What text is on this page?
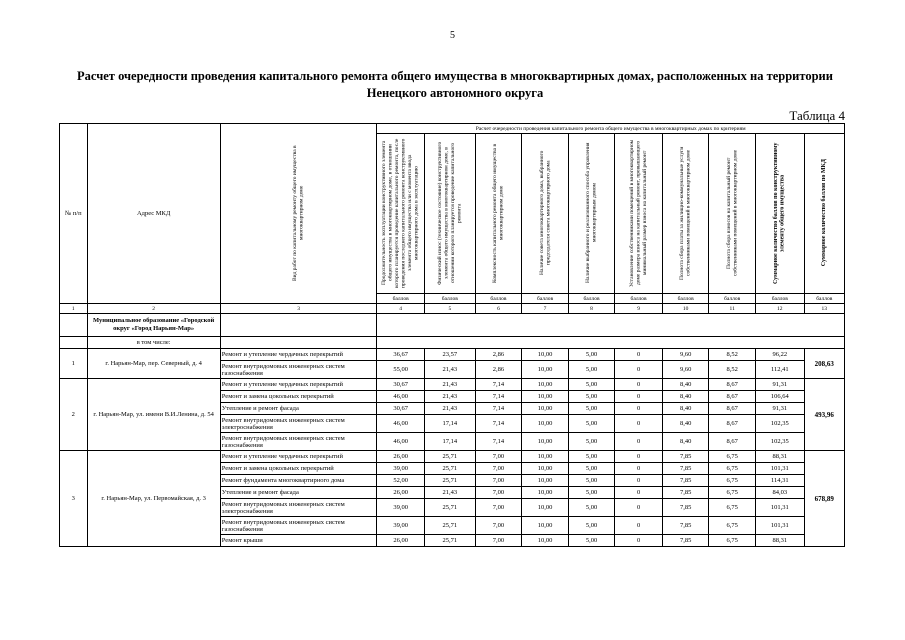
5
Расчет очередности проведения капитального ремонта общего имущества в многоквартирных домах, расположенных на территории
Ненецкого автономного округа
Таблица 4
№ п/п	Адрес МКД	Вид работ по капитальному ремонту общего имущества в многоквартирном доме	Расчет очередности проведения капитального ремонта общего имущества в многоквартирных домах по критериям									
			Продолжительность эксплуатации конструктивного элемента общего имущества в многоквартирном доме, в отношении которого планируется проведение капитального ремонта, после проведения последнего капитального ремонта конструктивного элемента общего имущества или с момента ввода многоквартирного дома в эксплуатацию	Физический износ (техническое состояние) конструктивного элемента общего имущества в многоквартирном доме, в отношении которого планируется проведение капитального ремонта	Комплексность капитального ремонта общего имущества в многоквартирном доме	Наличие совета многоквартирного дома, выбранного председателя совета многоквартирного дома	Наличие выбранного и реализованного способа управления многоквартирным домом	Установление собственниками помещений в многоквартирном доме размера взноса на капитальный ремонт, превышающего минимальный размер взноса на капитальный ремонт	Полнота сбора платы за жилищно-коммунальные услуги собственниками помещений в многоквартирном доме	Полнота сбора взносов на капитальный ремонт собственниками помещений в многоквартирном доме	Суммарное количество баллов по конструктивному элементу общего имущества	Суммарное количество баллов по МКД
			баллов	баллов	баллов	баллов	баллов	баллов	баллов	баллов	баллов	баллов
1	2	3	4	5	6	7	8	9	10	11	12	13
	Муниципальное образование «Городской округ «Город Нарьян-Мар»											
	в том числе:											
1	г. Нарьян-Мар, пер. Северный, д. 4	Ремонт и утепление чердачных перекрытий	36,67	23,57	2,86	10,00	5,00	0	9,60	8,52	96,22	208,63
		Ремонт внутридомовых инженерных систем газоснабжения	55,00	21,43	2,86	10,00	5,00	0	9,60	8,52	112,41	
2	г. Нарьян-Мар, ул. имени В.И.Ленина, д. 54	Ремонт и утепление чердачных перекрытий	30,67	21,43	7,14	10,00	5,00	0	8,40	8,67	91,31	493,96
		Ремонт и замена цокольных перекрытий	46,00	21,43	7,14	10,00	5,00	0	8,40	8,67	106,64	
		Утепление и ремонт фасада	30,67	21,43	7,14	10,00	5,00	0	8,40	8,67	91,31	
		Ремонт внутридомовых инженерных систем электроснабжения	46,00	17,14	7,14	10,00	5,00	0	8,40	8,67	102,35	
		Ремонт внутридомовых инженерных систем газоснабжения	46,00	17,14	7,14	10,00	5,00	0	8,40	8,67	102,35	
3	г. Нарьян-Мар, ул. Первомайская, д. 3	Ремонт и утепление чердачных перекрытий	26,00	25,71	7,00	10,00	5,00	0	7,85	6,75	88,31	678,89
		Ремонт и замена цокольных перекрытий	39,00	25,71	7,00	10,00	5,00	0	7,85	6,75	101,31	
		Ремонт фундамента многоквартирного дома	52,00	25,71	7,00	10,00	5,00	0	7,85	6,75	114,31	
		Утепление и ремонт фасада	26,00	21,43	7,00	10,00	5,00	0	7,85	6,75	84,03	
		Ремонт внутридомовых инженерных систем электроснабжения	39,00	25,71	7,00	10,00	5,00	0	7,85	6,75	101,31	
		Ремонт внутридомовых инженерных систем газоснабжения	39,00	25,71	7,00	10,00	5,00	0	7,85	6,75	101,31	
		Ремонт крыши	26,00	25,71	7,00	10,00	5,00	0	7,85	6,75	88,31	
